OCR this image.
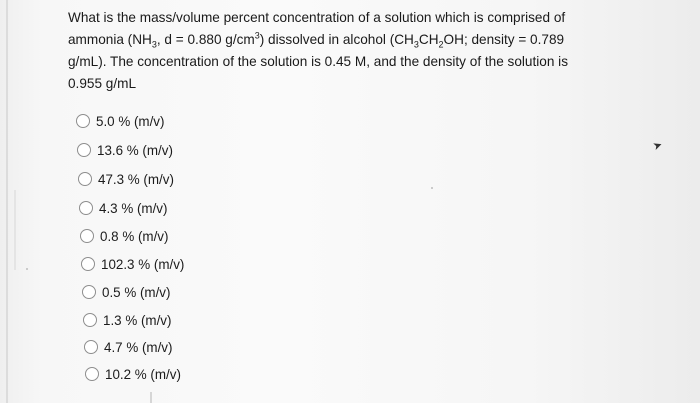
What is the mass/volume percent concentration of a solution which is comprised of ammonia ($NH_3$, d = 0.880 $g/cm^3$) dissolved in alcohol ($CH_3CH_2OH$; density = 0.789 g/mL). The concentration of the solution is 0.45 M, and the density of the solution is 0.955 g/mL
5.0 % (m/v)
13.6 % (m/v)
47.3 % (m/v)
4.3 % (m/v)
0.8 % (m/v)
102.3 % (m/v)
0.5 % (m/v)
1.3 % (m/v)
4.7 % (m/v)
10.2 % (m/v)
➤
